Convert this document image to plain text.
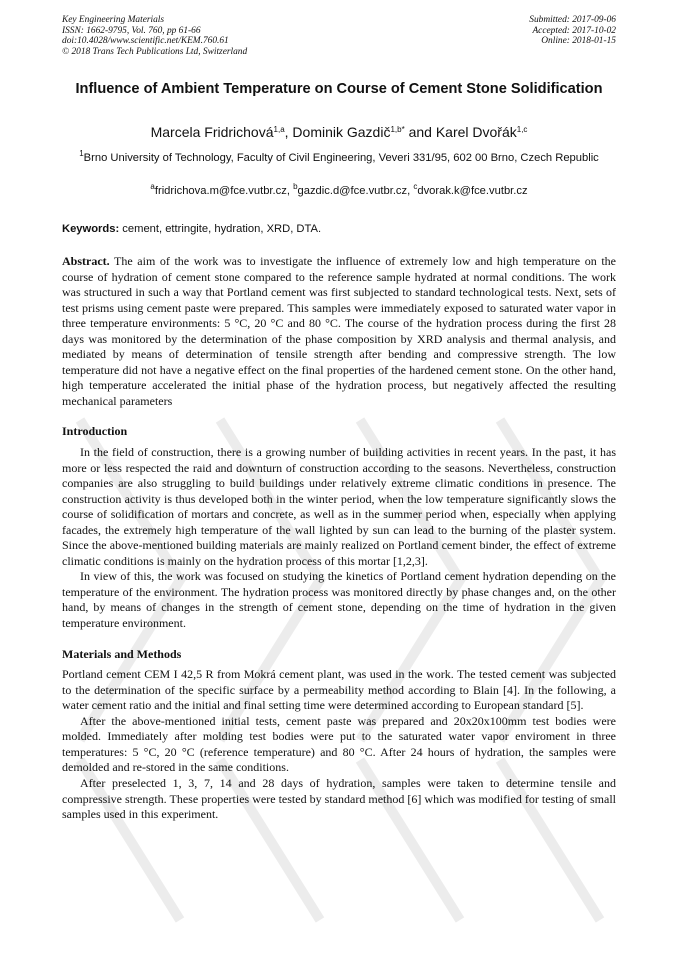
Key Engineering Materials
ISSN: 1662-9795, Vol. 760, pp 61-66
doi:10.4028/www.scientific.net/KEM.760.61
© 2018 Trans Tech Publications Ltd, Switzerland
Submitted: 2017-09-06
Accepted: 2017-10-02
Online: 2018-01-15
Influence of Ambient Temperature on Course of Cement Stone Solidification
Marcela Fridrichová$^{1,a}$, Dominik Gazdič$^{1,b*}$ and Karel Dvořák$^{1,c}$
$^1$Brno University of Technology, Faculty of Civil Engineering, Veveri 331/95, 602 00 Brno, Czech Republic
$^a$fridrichova.m@fce.vutbr.cz, $^b$gazdic.d@fce.vutbr.cz, $^c$dvorak.k@fce.vutbr.cz
Keywords: cement, ettringite, hydration, XRD, DTA.

Abstract. The aim of the work was to investigate the influence of extremely low and high temperature on the course of hydration of cement stone compared to the reference sample hydrated at normal conditions. The work was structured in such a way that Portland cement was first subjected to standard technological tests. Next, sets of test prisms using cement paste were prepared. This samples were immediately exposed to saturated water vapor in three temperature environments: 5 °C, 20 °C and 80 °C. The course of the hydration process during the first 28 days was monitored by the determination of the phase composition by XRD analysis and thermal analysis, and mediated by means of determination of tensile strength after bending and compressive strength. The low temperature did not have a negative effect on the final properties of the hardened cement stone. On the other hand, high temperature accelerated the initial phase of the hydration process, but negatively affected the resulting mechanical parameters

Introduction

In the field of construction, there is a growing number of building activities in recent years. In the past, it has more or less respected the raid and downturn of construction according to the seasons. Nevertheless, construction companies are also struggling to build buildings under relatively extreme climatic conditions in presence. The construction activity is thus developed both in the winter period, when the low temperature significantly slows the course of solidification of mortars and concrete, as well as in the summer period when, especially when applying facades, the extremely high temperature of the wall lighted by sun can lead to the burning of the plaster system. Since the above-mentioned building materials are mainly realized on Portland cement binder, the effect of extreme climatic conditions is mainly on the hydration process of this mortar [1,2,3].

In view of this, the work was focused on studying the kinetics of Portland cement hydration depending on the temperature of the environment. The hydration process was monitored directly by phase changes and, on the other hand, by means of changes in the strength of cement stone, depending on the time of hydration in the given temperature environment.

Materials and Methods

Portland cement CEM I 42,5 R from Mokrá cement plant, was used in the work. The tested cement was subjected to the determination of the specific surface by a permeability method according to Blain [4]. In the following, a water cement ratio and the initial and final setting time were determined according to European standard [5].

After the above-mentioned initial tests, cement paste was prepared and 20x20x100mm test bodies were molded. Immediately after molding test bodies were put to the saturated water vapor enviroment in three temperatures: 5 °C, 20 °C (reference temperature) and 80 °C. After 24 hours of hydration, the samples were demolded and re-stored in the same conditions.

After preselected 1, 3, 7, 14 and 28 days of hydration, samples were taken to determine tensile and compressive strength. These properties were tested by standard method [6] which was modified for testing of small samples used in this experiment.
